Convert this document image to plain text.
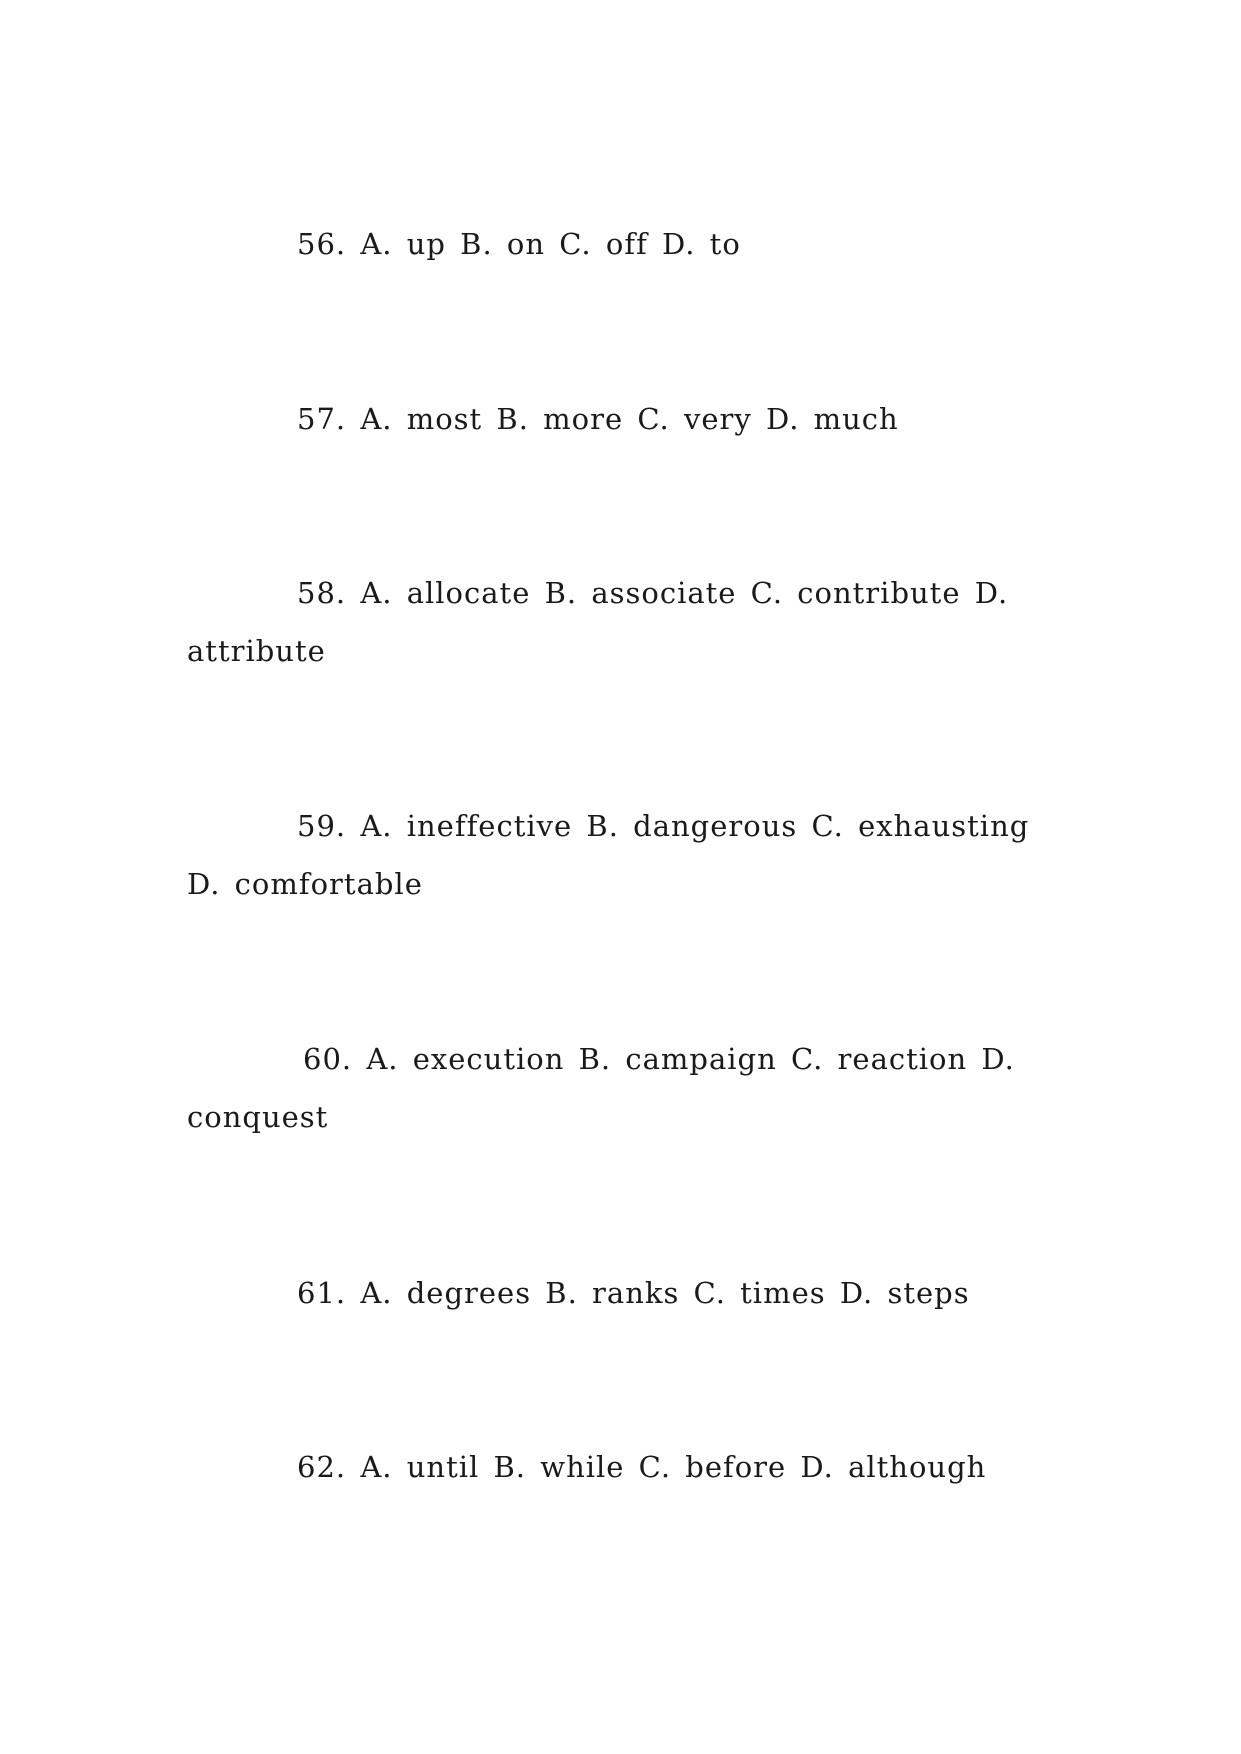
56. A. up B. on C. off D. to

57. A. most B. more C. very D. much

58. A. allocate B. associate C. contribute D. attribute

59. A. ineffective B. dangerous C. exhausting D. comfortable

60. A. execution B. campaign C. reaction D. conquest

61. A. degrees B. ranks C. times D. steps

62. A. until B. while C. before D. although
